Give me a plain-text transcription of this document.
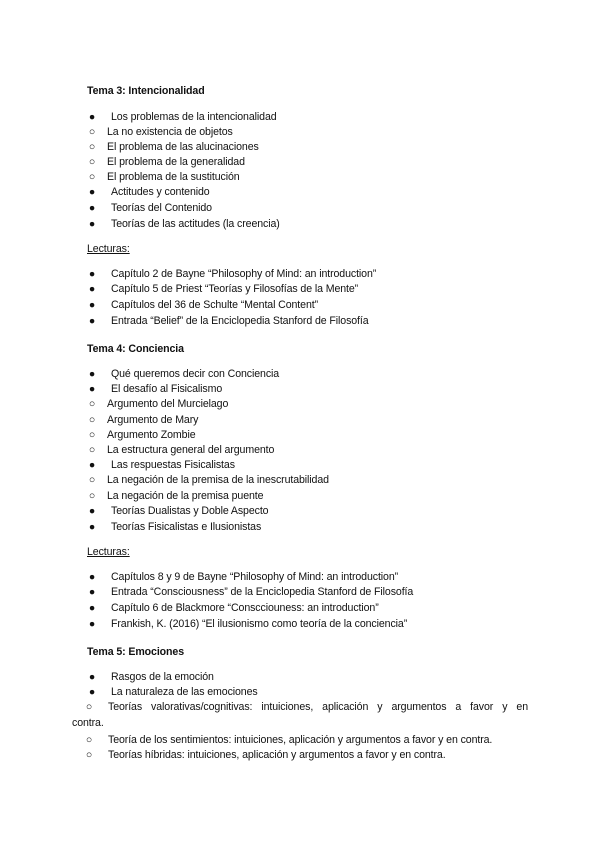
Tema 3: Intencionalidad
●	Los problemas de la intencionalidad
○	La no existencia de objetos
○	El problema de las alucinaciones
○	El problema de la generalidad
○	El problema de la sustitución
●	Actitudes y contenido
●	Teorías del Contenido
●	Teorías de las actitudes (la creencia)
Lecturas:
●	Capítulo 2 de Bayne “Philosophy of Mind: an introduction”
●	Capítulo 5 de Priest “Teorías y Filosofías de la Mente”
●	Capítulos del 36 de Schulte “Mental Content”
●	Entrada “Belief” de la Enciclopedia Stanford de Filosofía
Tema 4: Conciencia
●	Qué queremos decir con Conciencia
●	El desafío al Fisicalismo
○	Argumento del Murcielago
○	Argumento de Mary
○	Argumento Zombie
○	La estructura general del argumento
●	Las respuestas Fisicalistas
○	La negación de la premisa de la inescrutabilidad
○	La negación de la premisa puente
●	Teorías Dualistas y Doble Aspecto
●	Teorías Fisicalistas e Ilusionistas
Lecturas:
●	Capítulos 8 y 9 de Bayne “Philosophy of Mind: an introduction”
●	Entrada “Consciousness” de la Enciclopedia Stanford de Filosofía
●	Capítulo 6 de Blackmore “Conscciouness: an introduction”
●	Frankish, K. (2016) “El ilusionismo como teoría de la conciencia”
Tema 5: Emociones
●	Rasgos de la emoción
●	La naturaleza de las emociones
○	Teorías valorativas/cognitivas: intuiciones, aplicación y argumentos a favor y en
contra.
○	Teoría de los sentimientos: intuiciones, aplicación y argumentos a favor y en contra.
○	Teorías híbridas: intuiciones, aplicación y argumentos a favor y en contra.
